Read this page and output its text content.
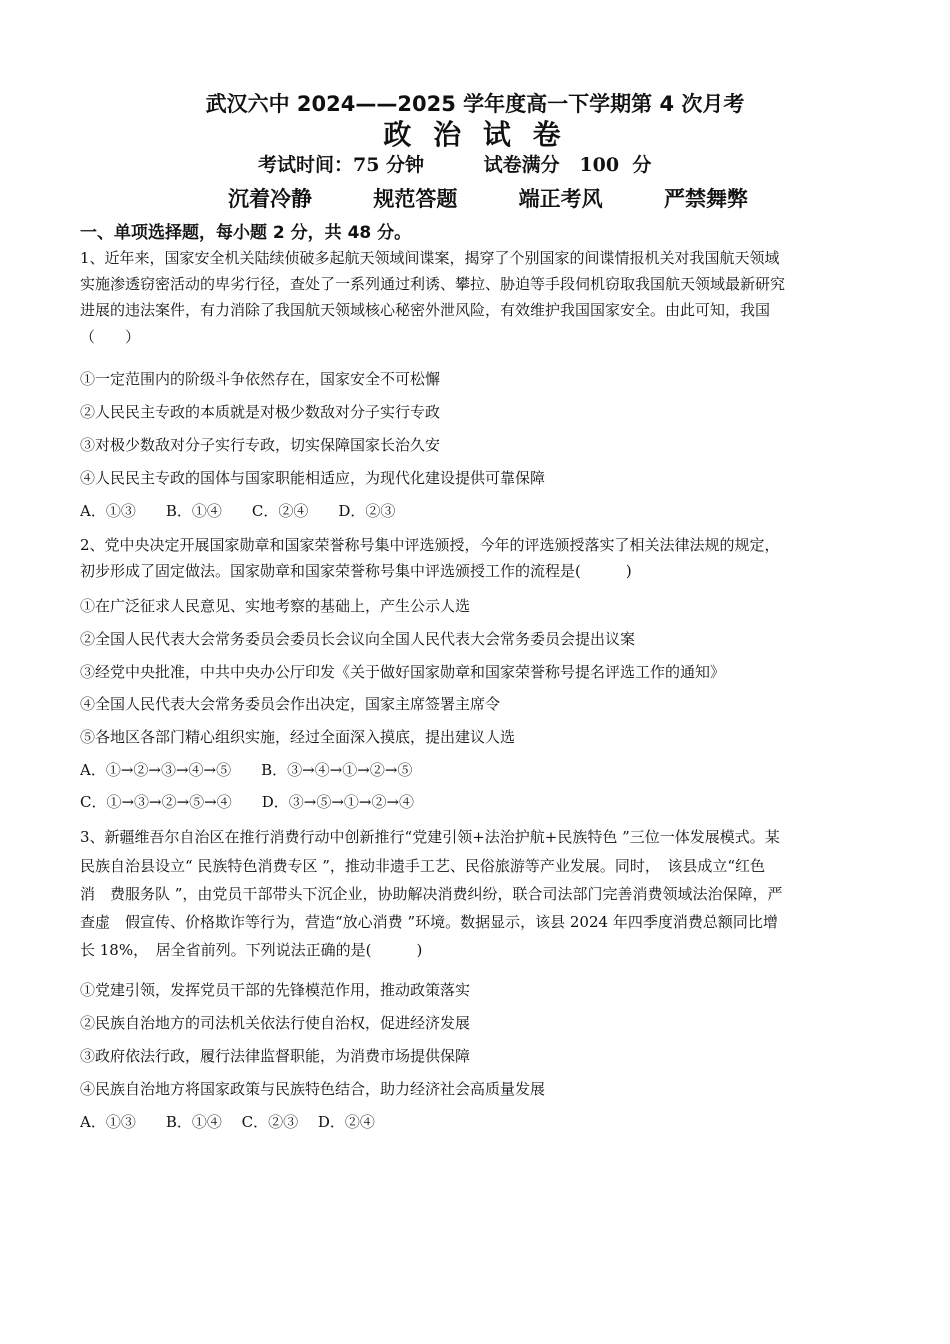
武汉六中 2024——2025 学年度高一下学期第 4 次月考
政 治 试 卷
考试时间：75 分钟         试卷满分   100  分
沉着冷静	规范答题	端正考风	严禁舞弊
一、单项选择题，每小题 2 分，共 48 分。
1、近年来，国家安全机关陆续侦破多起航天领域间谍案，揭穿了个别国家的间谍情报机关对我国航天领域
实施渗透窃密活动的卑劣行径，查处了一系列通过利诱、攀拉、胁迫等手段伺机窃取我国航天领域最新研究
进展的违法案件，有力消除了我国航天领域核心秘密外泄风险，有效维护我国国家安全。由此可知，我国
（　　）
①一定范围内的阶级斗争依然存在，国家安全不可松懈
②人民民主专政的本质就是对极少数敌对分子实行专政
③对极少数敌对分子实行专政，切实保障国家长治久安
④人民民主专政的国体与国家职能相适应，为现代化建设提供可靠保障
A．①③　　B．①④　　C．②④　　D．②③
2、党中央决定开展国家勋章和国家荣誉称号集中评选颁授，今年的评选颁授落实了相关法律法规的规定，
初步形成了固定做法。国家勋章和国家荣誉称号集中评选颁授工作的流程是(　　　)
①在广泛征求人民意见、实地考察的基础上，产生公示人选
②全国人民代表大会常务委员会委员长会议向全国人民代表大会常务委员会提出议案
③经党中央批准，中共中央办公厅印发《关于做好国家勋章和国家荣誉称号提名评选工作的通知》
④全国人民代表大会常务委员会作出决定，国家主席签署主席令
⑤各地区各部门精心组织实施，经过全面深入摸底，提出建议人选
A．①→②→③→④→⑤　　B．③→④→①→②→⑤
C．①→③→②→⑤→④　　D．③→⑤→①→②→④
3、新疆维吾尔自治区在推行消费行动中创新推行“党建引领+法治护航+民族特色 ”三位一体发展模式。某
民族自治县设立“ 民族特色消费专区 ”，推动非遗手工艺、民俗旅游等产业发展。同时，　该县成立“红色
消　费服务队 ”，由党员干部带头下沉企业，协助解决消费纠纷，联合司法部门完善消费领域法治保障，严
查虚　假宣传、价格欺诈等行为，营造“放心消费 ”环境。数据显示，该县 2024 年四季度消费总额同比增
长 18%，　居全省前列。下列说法正确的是(　　　)
①党建引领，发挥党员干部的先锋模范作用，推动政策落实
②民族自治地方的司法机关依法行使自治权，促进经济发展
③政府依法行政，履行法律监督职能，为消费市场提供保障
④民族自治地方将国家政策与民族特色结合，助力经济社会高质量发展
A．①③　　B．①④　 C．②③　 D．②④
